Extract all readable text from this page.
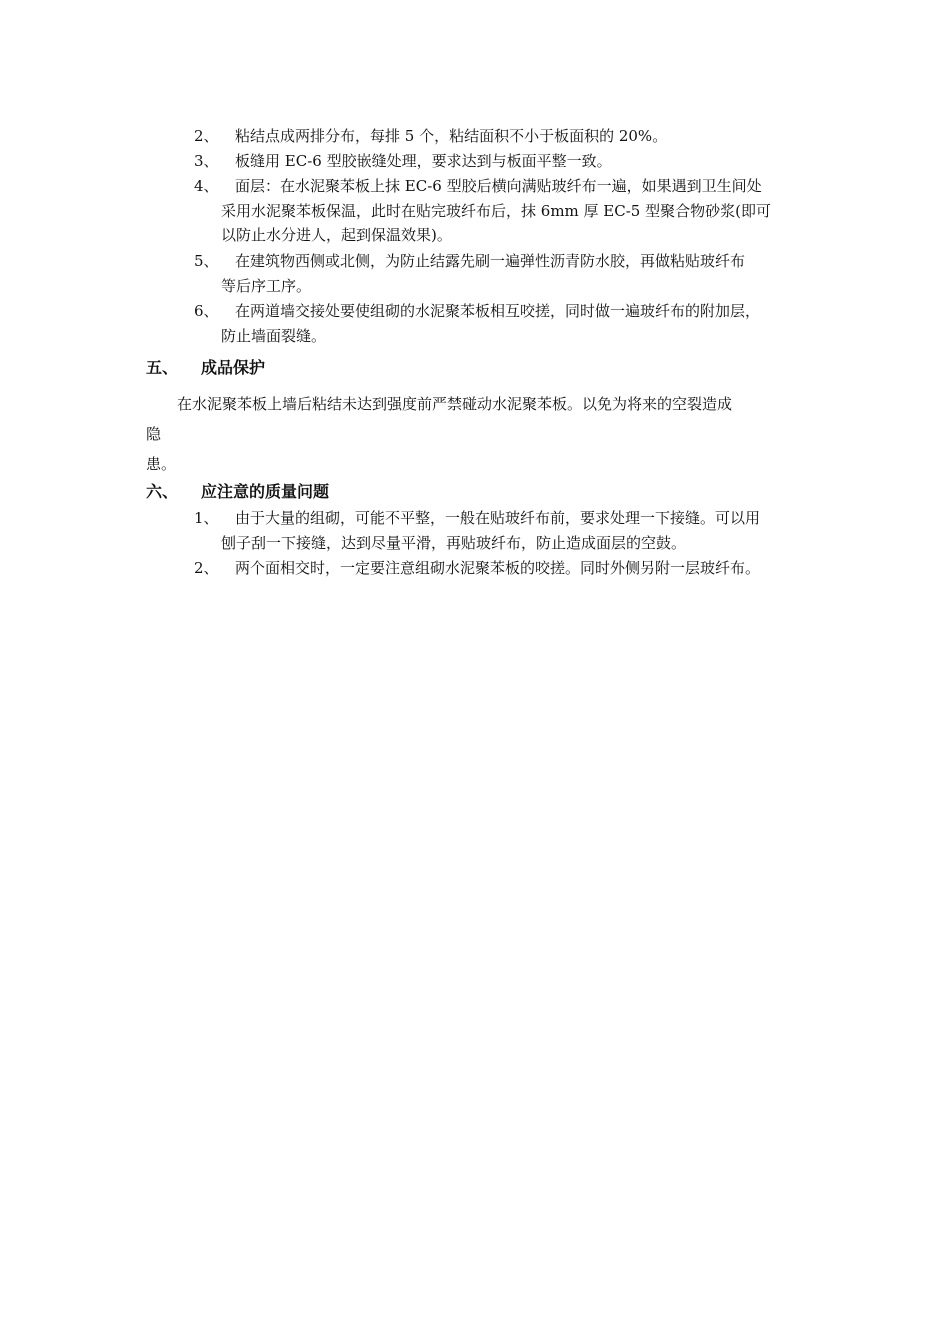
2、	粘结点成两排分布，每排 5 个，粘结面积不小于板面积的 20%。
3、	板缝用 EC-6 型胶嵌缝处理，要求达到与板面平整一致。
4、	面层：在水泥聚苯板上抹 EC-6 型胶后横向满贴玻纤布一遍，如果遇到卫生间处
采用水泥聚苯板保温，此时在贴完玻纤布后，抹 6mm 厚 EC-5 型聚合物砂浆(即可
以防止水分进人，起到保温效果)。
5、	在建筑物西侧或北侧，为防止结露先刷一遍弹性沥青防水胶，再做粘贴玻纤布
等后序工序。
6、	在两道墙交接处要使组砌的水泥聚苯板相互咬搓，同时做一遍玻纤布的附加层，
防止墙面裂缝。
五、 成品保护
在水泥聚苯板上墙后粘结未达到强度前严禁碰动水泥聚苯板。以免为将来的空裂造成
隐
患。
六、 应注意的质量问题
1、	由于大量的组砌，可能不平整，一般在贴玻纤布前，要求处理一下接缝。可以用
刨子刮一下接缝，达到尽量平滑，再贴玻纤布，防止造成面层的空鼓。
2、	两个面相交时，一定要注意组砌水泥聚苯板的咬搓。同时外侧另附一层玻纤布。
